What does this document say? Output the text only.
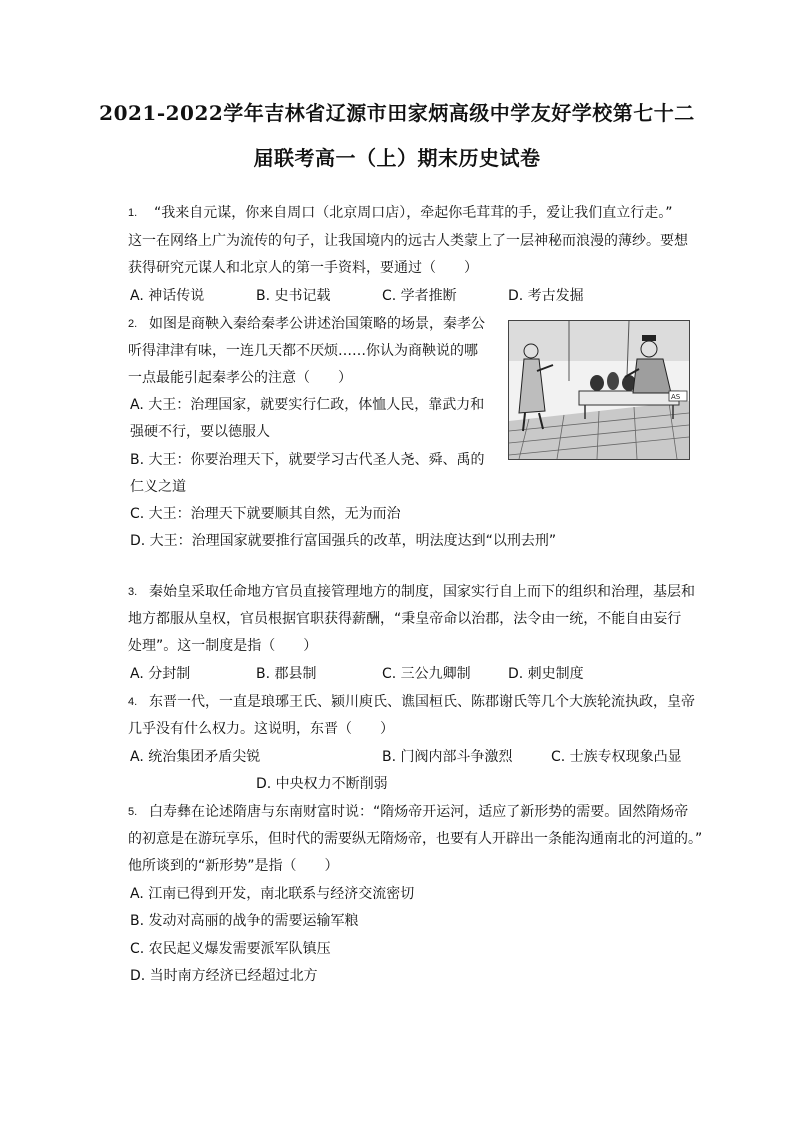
2021-2022学年吉林省辽源市田家炳高级中学友好学校第七十二
届联考高一（上）期末历史试卷
1. “我来自元谋，你来自周口（北京周口店），牵起你毛茸茸的手，爱让我们直立行走。”
这一在网络上广为流传的句子，让我国境内的远古人类蒙上了一层神秘而浪漫的薄纱。要想
获得研究元谋人和北京人的第一手资料，要通过（　　）
A. 神话传说	B. 史书记载	C. 学者推断	D. 考古发掘
2. 如图是商鞅入秦给秦孝公讲述治国策略的场景，秦孝公
听得津津有味，一连几天都不厌烦……你认为商鞅说的哪
一点最能引起秦孝公的注意（　　）
A. 大王：治理国家，就要实行仁政，体恤人民，靠武力和
强硬不行，要以德服人
B. 大王：你要治理天下，就要学习古代圣人尧、舜、禹的
仁义之道
C. 大王：治理天下就要顺其自然，无为而治
D. 大王：治理国家就要推行富国强兵的改革，明法度达到“以刑去刑”
AS
3. 秦始皇采取任命地方官员直接管理地方的制度，国家实行自上而下的组织和治理，基层和
地方都服从皇权，官员根据官职获得薪酬，“秉皇帝命以治郡，法令由一统，不能自由妄行
处理”。这一制度是指（　　）
A. 分封制	B. 郡县制	C. 三公九卿制	D. 刺史制度
4. 东晋一代，一直是琅琊王氏、颍川庾氏、谯国桓氏、陈郡谢氏等几个大族轮流执政，皇帝
几乎没有什么权力。这说明，东晋（　　）
A. 统治集团矛盾尖锐	B. 门阀内部斗争激烈	C. 士族专权现象凸显
D. 中央权力不断削弱
5. 白寿彝在论述隋唐与东南财富时说：“隋炀帝开运河，适应了新形势的需要。固然隋炀帝
的初意是在游玩享乐，但时代的需要纵无隋炀帝，也要有人开辟出一条能沟通南北的河道的。”
他所谈到的“新形势”是指（　　）
A. 江南已得到开发，南北联系与经济交流密切
B. 发动对高丽的战争的需要运输军粮
C. 农民起义爆发需要派军队镇压
D. 当时南方经济已经超过北方
